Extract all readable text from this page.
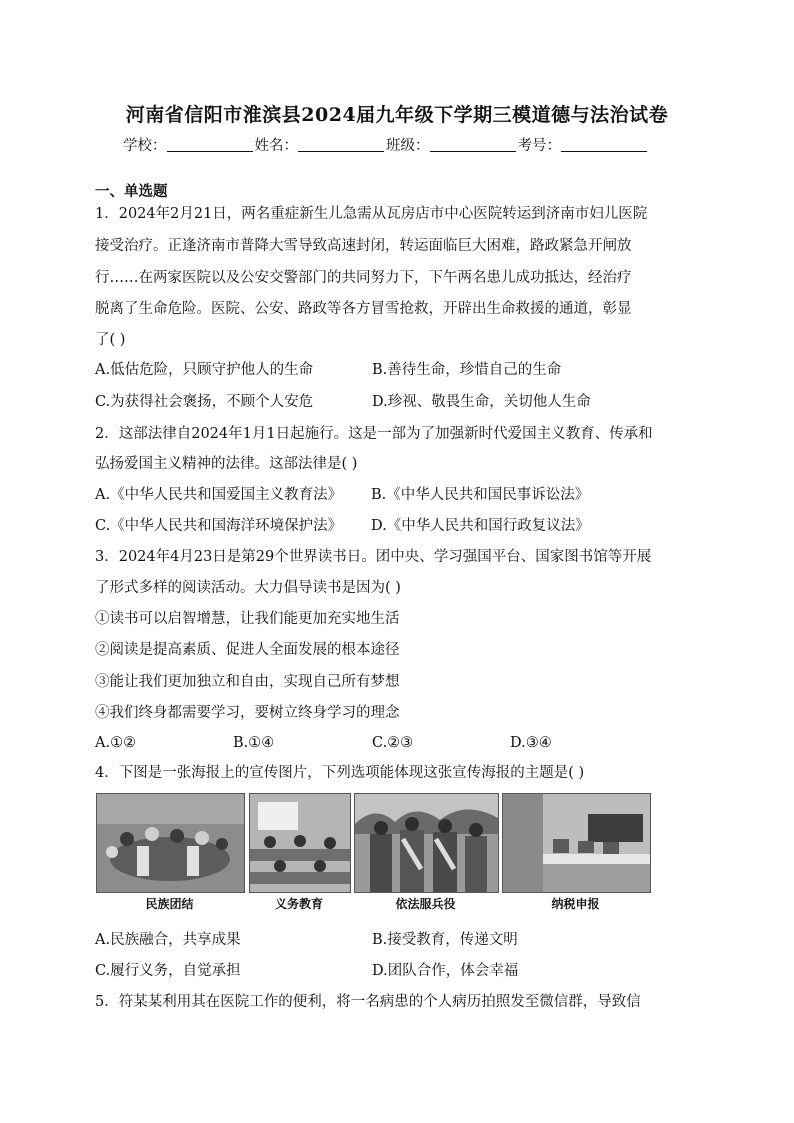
河南省信阳市淮滨县2024届九年级下学期三模道德与法治试卷
学校：	姓名：	班级：	考号：
一、单选题
1．2024年2月21日，两名重症新生儿急需从瓦房店市中心医院转运到济南市妇儿医院
接受治疗。正逢济南市普降大雪导致高速封闭，转运面临巨大困难，路政紧急开闸放
行……在两家医院以及公安交警部门的共同努力下，下午两名患儿成功抵达，经治疗
脱离了生命危险。医院、公安、路政等各方冒雪抢救，开辟出生命救援的通道，彰显
了( )
A.低估危险，只顾守护他人的生命	B.善待生命，珍惜自己的生命
C.为获得社会褒扬，不顾个人安危	D.珍视、敬畏生命，关切他人生命
2．这部法律自2024年1月1日起施行。这是一部为了加强新时代爱国主义教育、传承和
弘扬爱国主义精神的法律。这部法律是( )
A.《中华人民共和国爱国主义教育法》 B.《中华人民共和国民事诉讼法》
C.《中华人民共和国海洋环境保护法》 D.《中华人民共和国行政复议法》
3．2024年4月23日是第29个世界读书日。团中央、学习强国平台、国家图书馆等开展
了形式多样的阅读活动。大力倡导读书是因为( )
①读书可以启智增慧，让我们能更加充实地生活
②阅读是提高素质、促进人全面发展的根本途径
③能让我们更加独立和自由，实现自己所有梦想
④我们终身都需要学习，要树立终身学习的理念
A.①②	B.①④	C.②③	D.③④
4．下图是一张海报上的宣传图片，下列选项能体现这张宣传海报的主题是( )
民族团结	义务教育	依法服兵役	纳税申报
A.民族融合，共享成果	B.接受教育，传递文明
C.履行义务，自觉承担	D.团队合作，体会幸福
5．符某某利用其在医院工作的便利，将一名病患的个人病历拍照发至微信群，导致信
